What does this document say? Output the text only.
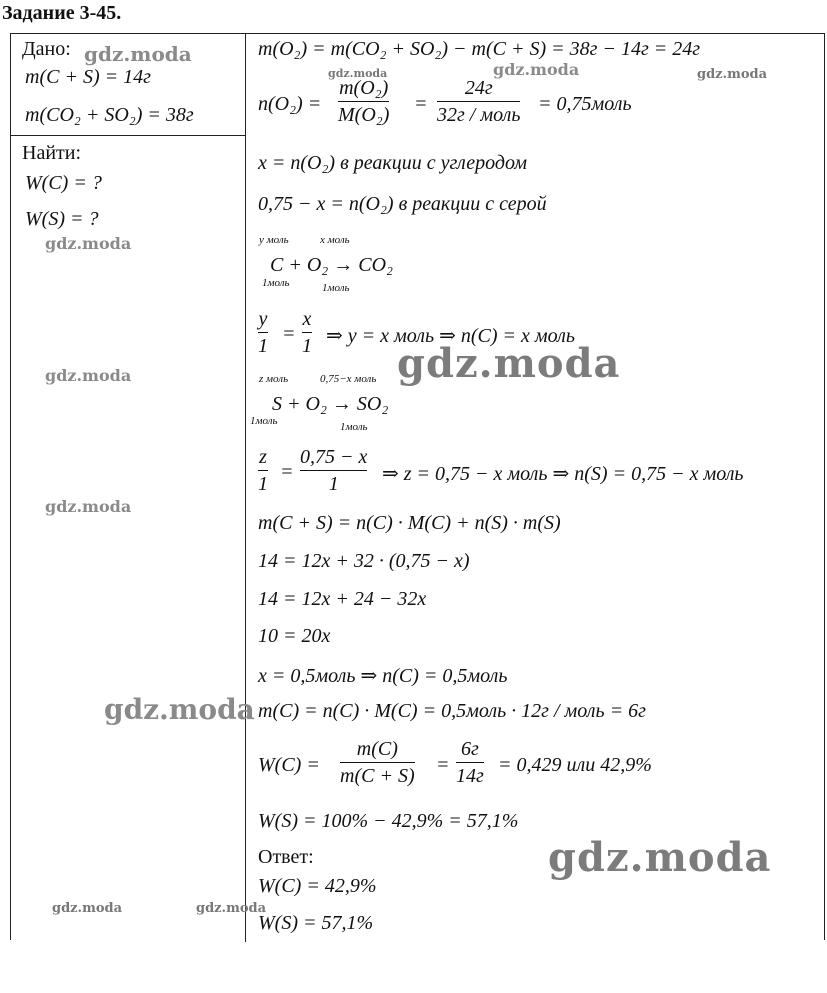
Задание 3-45.
Дано:
m(C + S) = 14г
m(CO₂ + SO₂) = 38г
Найти:
W(C) = ?
W(S) = ?
m(O₂) = m(CO₂ + SO₂) − m(C + S) = 38г − 14г = 24г
n(O₂) =
m(O₂)
M(O₂) =
24г
32г / моль = 0,75моль
x = n(O₂) в реакции с углеродом
0,75 − x = n(O₂) в реакции с серой
у моль	х моль
C + O₂ → CO₂
1моль	1моль
у
1
=
x
1 ⇒ у = x моль ⇒ n(C) = x моль
z моль	0,75−х моль
S + O₂ → SO₂
1моль	1моль
z
1
=
0,75 − x
1 ⇒ z = 0,75 − x моль ⇒ n(S) = 0,75 − x моль
m(C + S) = n(C) · M(C) + n(S) · m(S)
14 = 12x + 32 · (0,75 − x)
14 = 12x + 24 − 32x
10 = 20x
x = 0,5моль ⇒ n(C) = 0,5моль
m(C) = n(C) · M(C) = 0,5моль · 12г / моль = 6г
W(C) =
m(C)
m(C + S) =
6г
14г = 0,429 или 42,9%
W(S) = 100% − 42,9% = 57,1%
Ответ:
W(C) = 42,9%
W(S) = 57,1%
gdz.moda
gdz.moda	gdz.moda	gdz.moda
gdz.moda
gdz.moda	gdz.moda
gdz.moda
gdz.moda
gdz.moda
gdz.moda	gdz.moda
